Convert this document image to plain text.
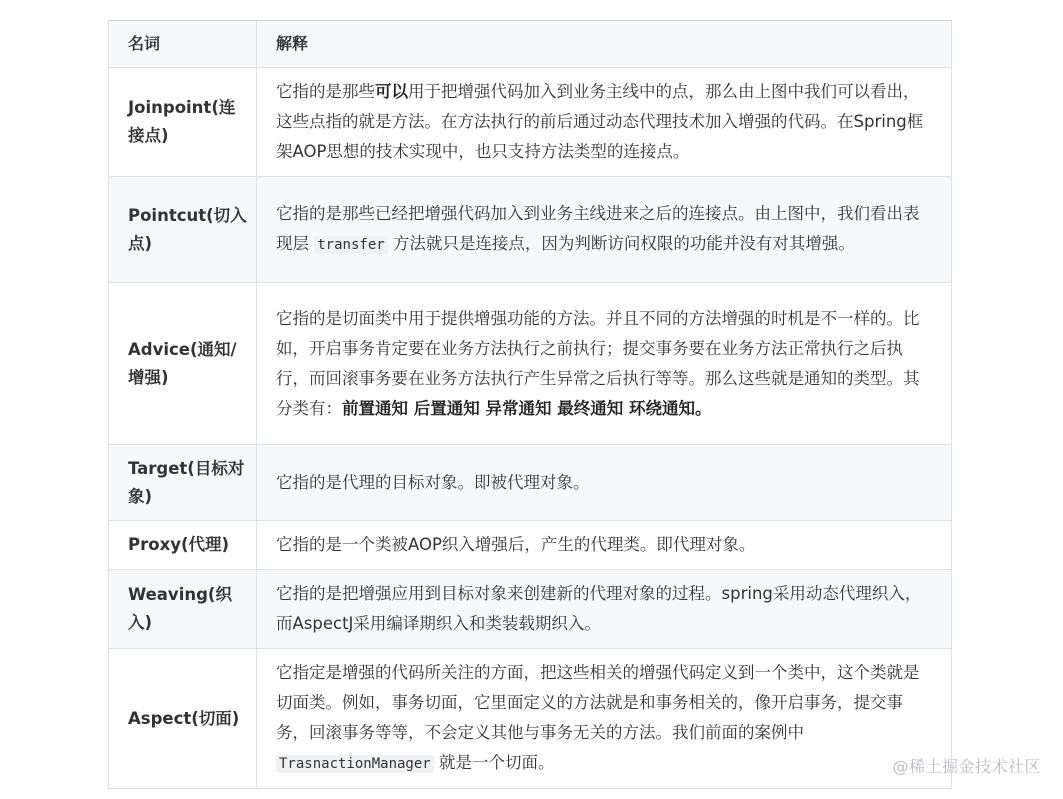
名词	解释
Joinpoint(连接点)	它指的是那些可以用于把增强代码加入到业务主线中的点，那么由上图中我们可以看出，这些点指的就是方法。在方法执行的前后通过动态代理技术加入增强的代码。在Spring框架AOP思想的技术实现中，也只支持方法类型的连接点。
Pointcut(切入点)	它指的是那些已经把增强代码加入到业务主线进来之后的连接点。由上图中，我们看出表现层 transfer 方法就只是连接点，因为判断访问权限的功能并没有对其增强。
Advice(通知/增强)	它指的是切面类中用于提供增强功能的方法。并且不同的方法增强的时机是不一样的。比如，开启事务肯定要在业务方法执行之前执行；提交事务要在业务方法正常执行之后执行，而回滚事务要在业务方法执行产生异常之后执行等等。那么这些就是通知的类型。其分类有：前置通知 后置通知 异常通知 最终通知 环绕通知。
Target(目标对象)	它指的是代理的目标对象。即被代理对象。
Proxy(代理)	它指的是一个类被AOP织入增强后，产生的代理类。即代理对象。
Weaving(织入)	它指的是把增强应用到目标对象来创建新的代理对象的过程。spring采用动态代理织入，而AspectJ采用编译期织入和类装载期织入。
Aspect(切面)	它指定是增强的代码所关注的方面，把这些相关的增强代码定义到一个类中，这个类就是切面类。例如，事务切面，它里面定义的方法就是和事务相关的，像开启事务，提交事务，回滚事务等等，不会定义其他与事务无关的方法。我们前面的案例中 TrasnactionManager 就是一个切面。	@稀土掘金技术社区
